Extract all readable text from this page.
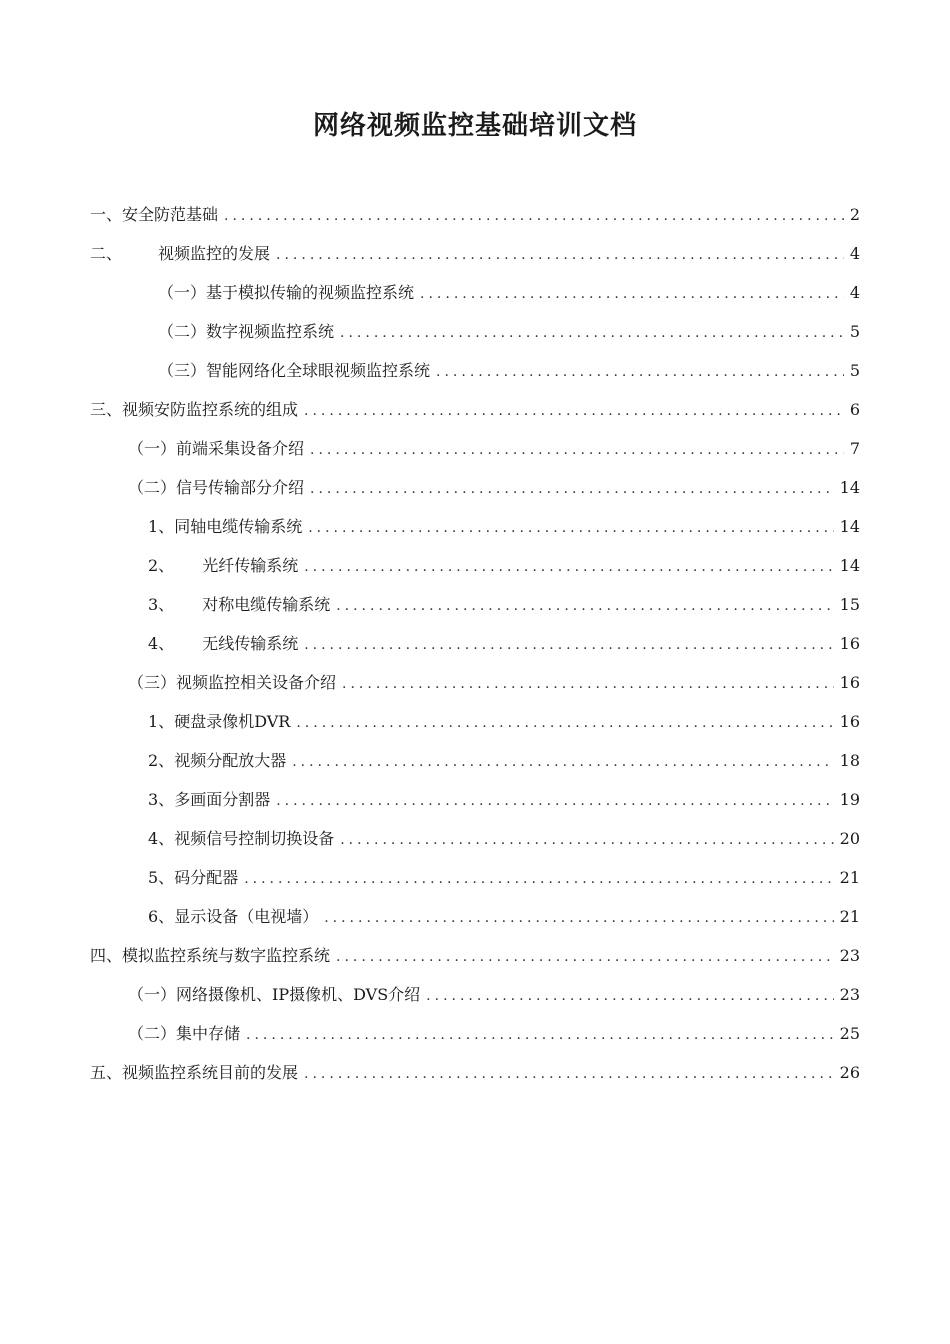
网络视频监控基础培训文档
一、 安全防范基础 .....	2
二、 视频监控的发展 .....	4
（一） 基于模拟传输的视频监控系统 .....	4
（二） 数字视频监控系统 .....	5
（三） 智能网络化全球眼视频监控系统 .....	5
三、 视频安防监控系统的组成 .....	6
（一） 前端采集设备介绍 .....	7
（二） 信号传输部分介绍 .....	14
1、 同轴电缆传输系统 .....	14
2、 光纤传输系统 .....	14
3、 对称电缆传输系统 .....	15
4、 无线传输系统 .....	16
（三） 视频监控相关设备介绍 .....	16
1、 硬盘录像机DVR .....	16
2、 视频分配放大器 .....	18
3、 多画面分割器 .....	19
4、 视频信号控制切换设备 .....	20
5、 码分配器 .....	21
6、 显示设备（电视墙） .....	21
四、 模拟监控系统与数字监控系统 .....	23
（一） 网络摄像机、IP摄像机、DVS介绍 .....	23
（二） 集中存储 .....	25
五、 视频监控系统目前的发展 .....	26
